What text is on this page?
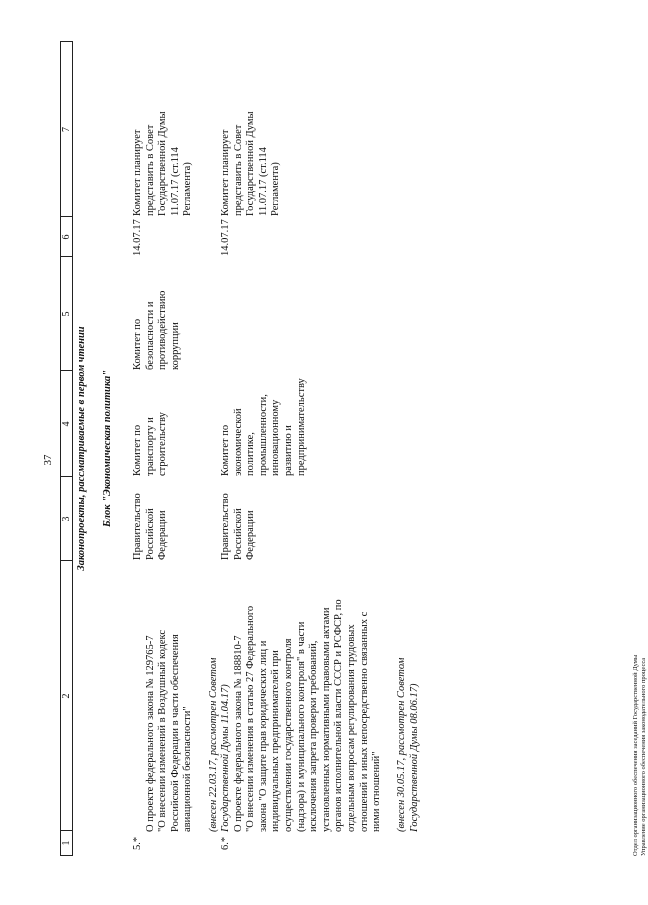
37
1
2
3
4
5
6
7
Законопроекты, рассматриваемые в первом чтении Блок "Экономическая политика"
5.*

О проекте федерального закона № 129765-7
"О внесении изменений в Воздушный кодекс Российской Федерации в части обеспечения авиационной безопасности" (внесен 22.03.17, рассмотрен Советом Государственной Думы 11.04.17)

Правительство Российской Федерации
Комитет по транспорту и строительству
Комитет по безопасности и противодействию коррупции
14.07.17
Комитет планирует представить в Совет Государственной Думы 11.07.17 (ст.114 Регламента)
6.*

О проекте федерального закона № 188810-7
"О внесении изменения в статью 27 Федерального закона "О защите прав юридических лиц и индивидуальных предпринимателей при осуществлении государственного контроля (надзора) и муниципального контроля" в части исключения запрета проверки требований, установленных нормативными правовыми актами органов исполнительной власти СССР и РСФСР, по отдельным вопросам регулирования трудовых отношений и иных непосредственно связанных с ними отношений" (внесен 30.05.17, рассмотрен Советом Государственной Думы 08.06.17)

Правительство Российской Федерации
Комитет по экономической политике, промышленности, инновационному развитию и предпринимательству
14.07.17
Комитет планирует представить в Совет Государственной Думы 11.07.17 (ст.114 Регламента)
Отдел организационного обеспечения заседаний Государственной Думы
Управление организационного обеспечения законодательного процесса
